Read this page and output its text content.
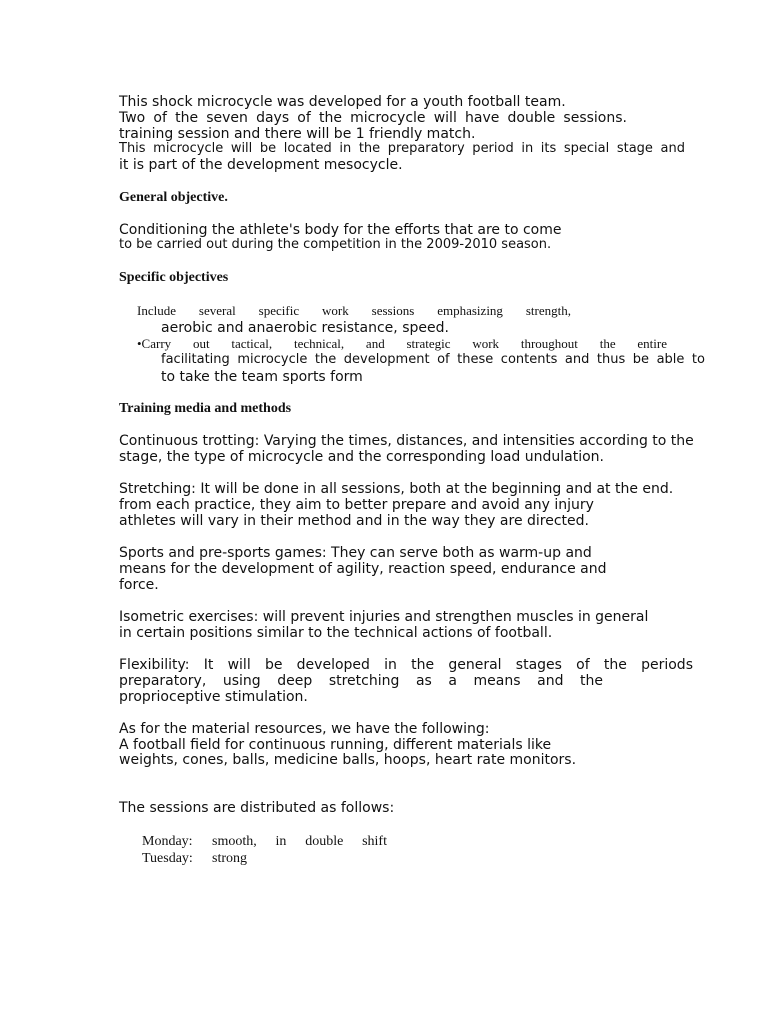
This shock microcycle was developed for a youth football team.
Two of the seven days of the microcycle will have double sessions.
training session and there will be 1 friendly match.
This microcycle will be located in the preparatory period in its special stage and
it is part of the development mesocycle.
General objective.
Conditioning the athlete's body for the efforts that are to come
to be carried out during the competition in the 2009-2010 season.
Specific objectives
Include several specific work sessions emphasizing strength,
aerobic and anaerobic resistance, speed.
•Carry out tactical, technical, and strategic work throughout the entire
facilitating microcycle the development of these contents and thus be able to
to take the team sports form
Training media and methods
Continuous trotting: Varying the times, distances, and intensities according to the
stage, the type of microcycle and the corresponding load undulation.
Stretching: It will be done in all sessions, both at the beginning and at the end.
from each practice, they aim to better prepare and avoid any injury
athletes will vary in their method and in the way they are directed.
Sports and pre-sports games: They can serve both as warm-up and
means for the development of agility, reaction speed, endurance and
force.
Isometric exercises: will prevent injuries and strengthen muscles in general
in certain positions similar to the technical actions of football.
Flexibility: It will be developed in the general stages of the periods
preparatory, using deep stretching as a means and the
proprioceptive stimulation.
As for the material resources, we have the following:
A football field for continuous running, different materials like
weights, cones, balls, medicine balls, hoops, heart rate monitors.
The sessions are distributed as follows:
Monday: smooth, in double shift
Tuesday: strong
